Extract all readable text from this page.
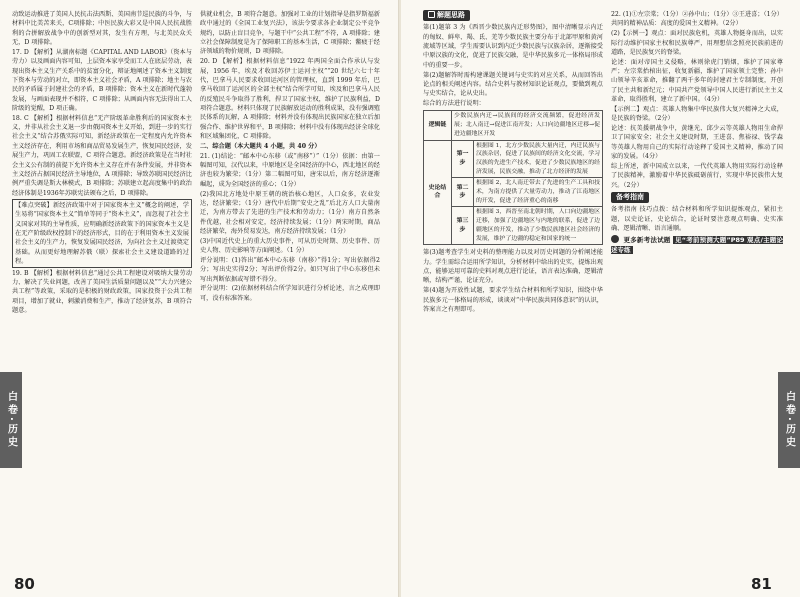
动致运动推进了美国人民抗击法西斯、美国南节巡民族的斗争，与材料中比美苦来关，C项排除；中医民族大彩又是中国人民抗战胜利的合拼解放战争中的创新型对其，发生有方理，与北美民众关无，D 项排除。

17. D 【解析】从湖南标题《CAPITAL AND LABOR》（资本与劳力）以及画面内容可知，上层资本家享受而工人在底层劳动，表现出资本主义生产关系中的贫富分化，辩证地阐述了资本主义制度下资本与劳动的对立，即资本主义社会矛盾，A 项排除；地主与农民的矛盾属于封建社会的矛盾，B 项排除；资本主义在新时代蓬勃发展，与画面表现并不相符，C 项排除；从画面内容无法得出工人阶级的觉醒，D 项正确。

18. C 【解析】根据材料信息“无产阶级革命胜利后的国家资本主义，并非从社会主义退一步由俄国资本主义开始，到进一步的实行社会主义“结合苏俄实际可知，新经济政策在一定程度内允许资本主义经济存在，利用市场和商品贸易发展生产，恢复国民经济，发展生产力，巩固工农联盟，C 项符合题意。新经济政策是在当时社会主义公有制的前提下允许资本主义存在并有条件发展，并非资本主义经济占据国民经济主导地位，A 项排除；导致苏联国民经济比例严重失调是斯大林模式，B 项排除；苏联建立起高度集中的政治经济体制是1936年苏联宪法颁布之后，D 项排除。

【难点突破】新经济政策中对于国家资本主义”概念的阐述，学生易将“国家资本主义”简单等同于“资本主义”，而忽视了社会主义国家对其的主导性质，应明确新经济政策下的国家资本主义是在无产阶级政权控制下的经济形式，目的在于利用资本主义发展社会主义的生产力，恢复发展国民经济，为向社会主义过渡奠定基础。从而更好地理解苏俄（联）探索社会主义建设道路的过程。

19. B 【解析】根据材料信息“通过公共工程建设对吸纳大量劳动力、解决了失业问题，改善了美国生活质量问题以及”“大力兴建公共工程”等政策，采取的是积极的财政政策，国家投资于公共工程项目，增加了就业，刺激消费和生产，推动了经济复苏，B 项符合题意。

供就业机会，B 项符合题意。加强对工业的计划指导是指罗斯福新政中通过的《全国工业复兴法》，该法令要求各企业制定公平竞争规约，以防止盲目竞争，与题干中“公共工程”不符，A 项排除；建立社会保障制度是为了保障职工的基本生活，C 项排除；鳖疲于经济领域的物价规则，D 项排除。

20. D 【解析】根据材料信息“1922 年两国全面合作承认与发展，1956 年，埃及才收回苏伊士运河主权”“20 世纪六七十年代，巴拿马人民要求收回运河区的管理权，直到 1999 年后，巴拿马收回了运河区的全部主权”结合所学可知，埃及和巴拿马人民的反殖民斗争取得了胜利，捍卫了国家主权，维护了民族利益，D 项符合题意。材料只体现了民族解放运动的胜利成果，没有强调殖民体系的瓦解，A 项排除；材料并没有体现出民族国家在独立后加强合作、维护世界和平，B 项排除；材料中没有体现出经济全球化和区域集团化，C 项排除。

二、综合题（本大题共 4 小题，共 40 分）

21. (1)结论：“邮本中心东移（或“南移”）”（1分）依据：由第一幅图可知，汉代以来，中原地区是全国经济的中心，西北地区的经济也较为繁荣；（1分）第二幅图可知，唐宋以后，南方经济逐渐崛起，成为全国经济的重心；（1分）

(2)我国北方地处中原王朝的统治核心地区，人口众多，农业发达，经济繁荣；（1分）唐代中后期“安史之乱”后北方人口大量南迁，为南方带去了先进的生产技术和劳动力；（1分）南方自然条件优越，社会相对安定，经济持续发展；（1分）两宋时期，商品经济繁荣，海外贸易发达，南方经济持续发展；（1分）

(3)中国近代史上的重大历史事件，可从历史时期、历史事件、历史人物、历史影响等方面阐述。（1 分）

评分说明：(1)答出“邮本中心东移（南移）”得1分；写出依据得2分；写出史实得2分；写出评价得2分。如只写出了中心东移但未写出判断依据或写错不得分。

评分说明：(2)依据材料结合所学知识进行分析论述，言之成理即可，没有标准答案。

白卷·历史
80
解题思路

第(1)题第 3 为《西晋少数民族内迁形势图》，图中清晰显示内迁的匈奴、鲜卑、羯、氐、羌等少数民族主要分布于北部甲原和黄河流域等区域，学生需要认识到内迁少数民族与汉族杂居，逐渐接受中原汉族的文化，促进了民族交融，是中华民族多元一体格局形成中的重要一步。

第(2)题解答时需构建课题关键词与史实的对应关系，从而回答出论点的相关阐述内容。结合史料与教材知识论证观点，要做到观点与史实结合，论从史出。

综合的方法进行说明：

逻辑链	少数民族内迁→民族间的经济交流频繁，促进经济发展；北人南迁→促进江南开发；人口向边疆地区迁移→促进边疆地区开发	
史论结合	第一步	根据图 1，北方少数民族大量内迁，内迁民族与汉族杂居，促进了民族间的经济文化交流，学习汉族的先进生产技术，促进了少数民族地区的经济发展，民族交融，推动了北方经济的发展
	第二步	根据图 2，北人南迁带去了先进的生产工具和技术，为南方提供了大量劳动力，推动了江南地区的开发，促进了经济重心的南移
	第三步	根据图 3，西晋至南北朝时期，人口向边疆地区迁移，加强了边疆地区与内地的联系，促进了边疆地区的开发，推动了少数民族地区社会经济的发展，维护了边疆的稳定和国家的统一

第(3)题考查学生对史料的整理能力以及对历史问题的分析阐述能力。学生需综合运用所学知识，分析材料中给出的史实，提炼出观点，能够运用可靠的史料对观点进行论证，语言表达准确，逻辑清晰，结构严谨，论证充分。

第(4)题为开放性试题，要求学生结合材料和所学知识，围绕中华民族多元一体格局的形成，谈谈对“中华民族共同体意识”的认识，答案言之有理即可。

22. (1)①左宗棠；（1分）②孙中山；（1分）③王进喜；（1分）共同的精神品质：高度的爱国主义精神。（2分）

(2)【示例一】观点：面对民族危机，英雄人物挺身而出，以实际行动维护国家主权和民族尊严，用理想信念照亮民族前进的道路，是民族复兴的脊梁。

论述：面对帝国主义侵略，林则徐虎门销烟，维护了国家尊严；左宗棠抬棺出征，收复新疆，维护了国家领土完整；孙中山领导辛亥革命，推翻了两千多年的封建君主专制制度，开创了民主共和新纪元；中国共产党领导中国人民进行新民主主义革命，取得胜利，建立了新中国。（4分）

【示例二】观点：英雄人物集中华民族伟大复兴精神之大成，是民族的脊梁。（2分）

论述：抗美援朝战争中，黄继光、邱少云等英雄人物用生命捍卫了国家安全；社会主义建设时期，王进喜、焦裕禄、钱学森等英雄人物用自己的实际行动诠释了爱国主义精神，推动了国家的发展。（4分）

综上所述，新中国成立以来，一代代英雄人物用实际行动诠释了民族精神，激励着中华民族砥砺前行，实现中华民族伟大复兴。（2分）

备考指南

备考指南 技巧点拨：结合材料和所学知识提炼观点，紧扣主题，以史论证，史论结合，论证时要注意观点明确、史实准确、逻辑清晰、语言通顺。

更多新考法试题 见“考前预测大题”P89 观点/主题论述专练
白卷·历史
81
